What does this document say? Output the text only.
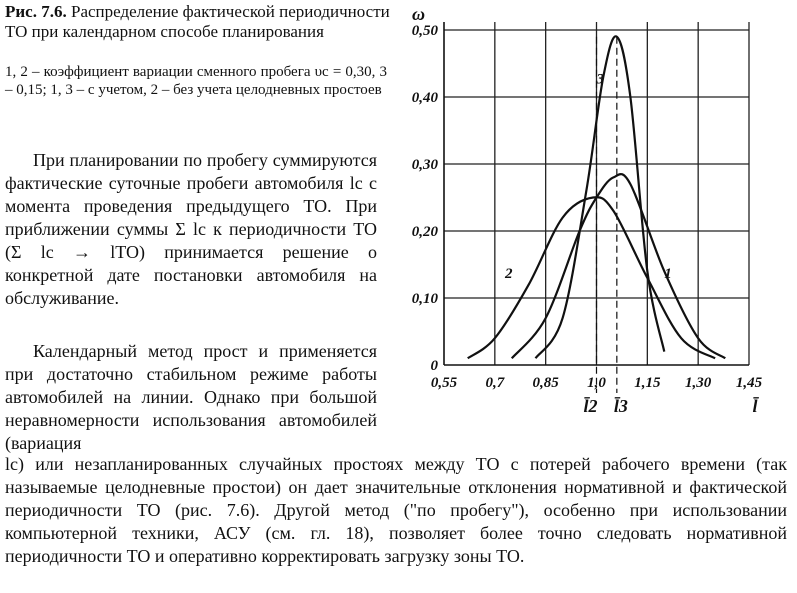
Рис. 7.6. Распределение фактической периодичности ТО при календарном способе планирования
1, 2 – коэффициент вариации сменного пробега υс = 0,30, 3 – 0,15; 1, 3 – с учетом, 2 – без учета целодневных простоев
При планировании по пробегу суммируются фактические суточные пробеги автомобиля lс с момента проведения предыдущего ТО. При приближении суммы Σ lс к периодичности ТО (Σ lс → lТО) принимается решение о конкретной дате постановки автомобиля на обслуживание.
Календарный метод прост и применяется при достаточно стабильном режиме работы автомобилей на линии. Однако при большой неравномерности использования автомобилей (вариация
lс) или незапланированных случайных простоях между ТО с потерей рабочего времени (так называемые целодневные простои) он дает значительные отклонения нормативной и фактической периодичности ТО (рис. 7.6). Другой метод ("по пробегу"), особенно при использовании компьютерной техники, АСУ (см. гл. 18), позволяет более точно следовать нормативной периодичности ТО и оперативно корректировать загрузку зоны ТО.
0
0,10
0,20
0,30
0,40
0,50
0,55 0,7 0,85 1,0 1,15 1,30 1,45
ω
l̄
l̄2 l̄3
3
2	1
